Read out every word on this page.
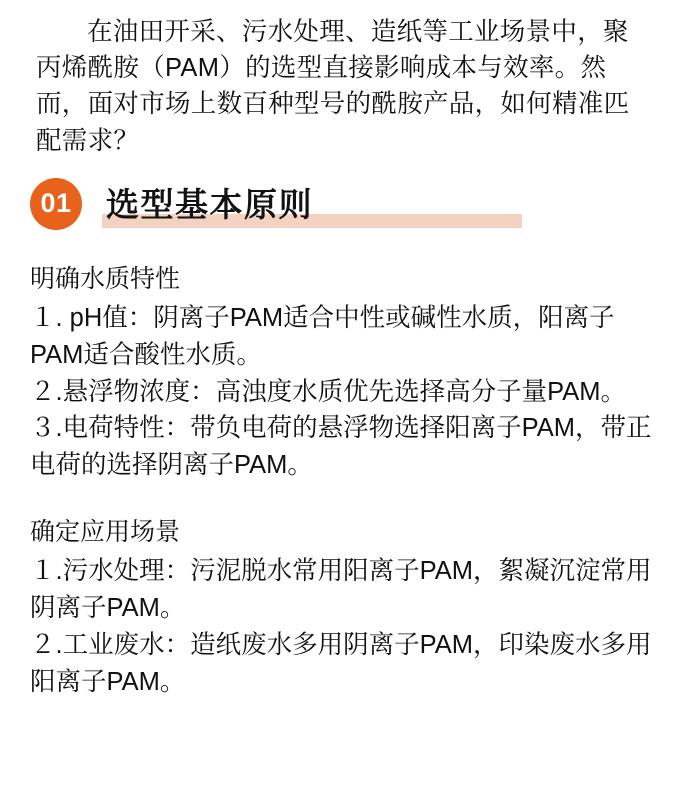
在油田开采、污水处理、造纸等工业场景中，聚丙烯酰胺（PAM）的选型直接影响成本与效率。然而，面对市场上数百种型号的酰胺产品，如何精准匹配需求？

01	选型基本原则

明确水质特性

１. pH值：阴离子PAM适合中性或碱性水质，阳离子PAM适合酸性水质。

２.悬浮物浓度：高浊度水质优先选择高分子量PAM。

３.电荷特性：带负电荷的悬浮物选择阳离子PAM，带正电荷的选择阴离子PAM。

确定应用场景

１.污水处理：污泥脱水常用阳离子PAM，絮凝沉淀常用阴离子PAM。

２.工业废水：造纸废水多用阴离子PAM，印染废水多用阳离子PAM。
